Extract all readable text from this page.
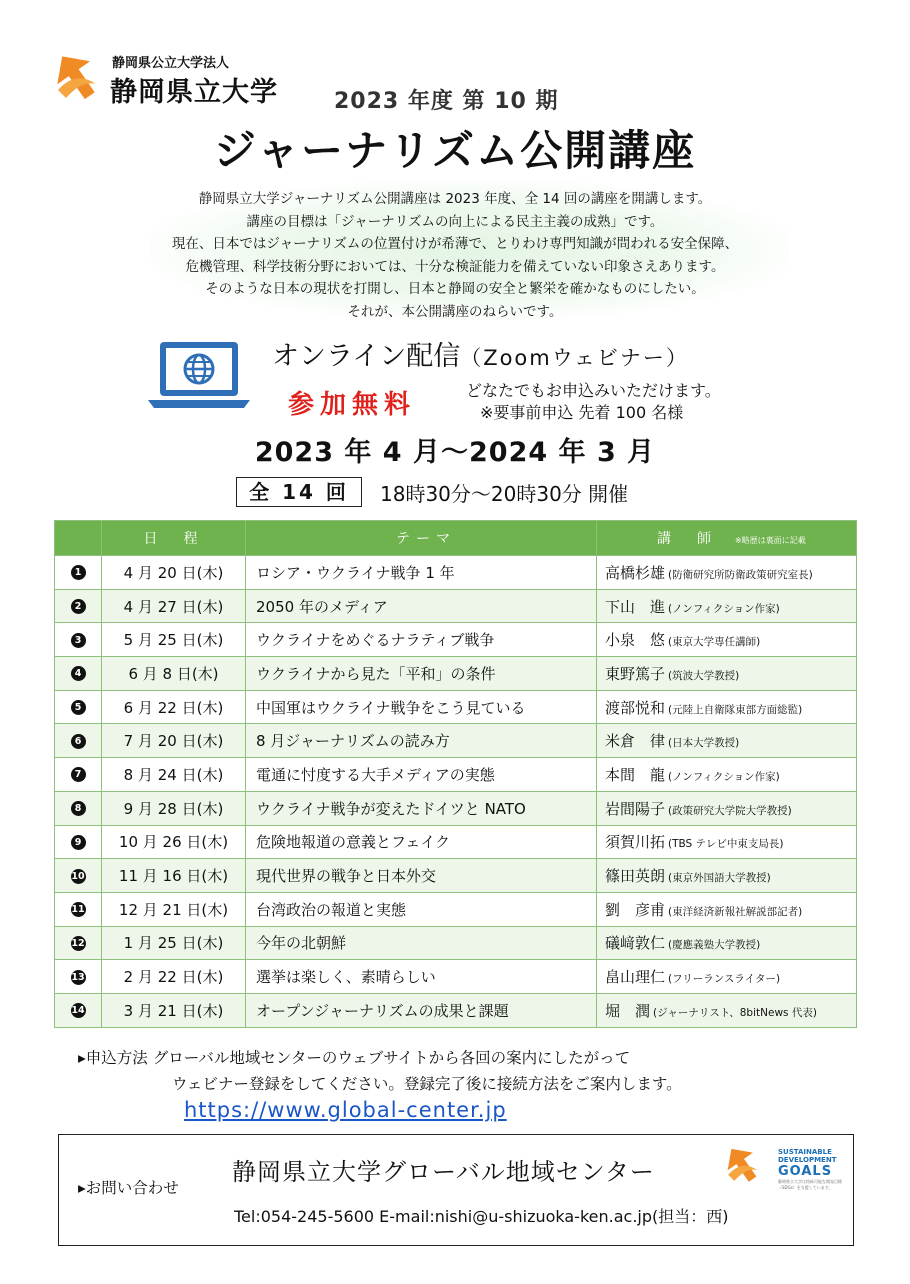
静岡県公立大学法人
静岡県立大学	2023 年度 第 10 期
ジャーナリズム公開講座
静岡県立大学ジャーナリズム公開講座は 2023 年度、全 14 回の講座を開講します。
講座の目標は「ジャーナリズムの向上による民主主義の成熟」です。
現在、日本ではジャーナリズムの位置付けが希薄で、とりわけ専門知識が問われる安全保障、
危機管理、科学技術分野においては、十分な検証能力を備えていない印象さえあります。
そのような日本の現状を打開し、日本と静岡の安全と繁栄を確かなものにしたい。
それが、本公開講座のねらいです。
オンライン配信（Zoomウェビナー）
参加無料	どなたでもお申込みいただけます。
※要事前申込 先着 100 名様
2023 年 4 月〜2024 年 3 月
全 14 回	18時30分〜20時30分 開催
	日　程	テーマ	講　師 ※略歴は裏面に記載
1	4 月 20 日(木)	ロシア・ウクライナ戦争 1 年	高橋杉雄 (防衛研究所防衛政策研究室長)
2	4 月 27 日(木)	2050 年のメディア	下山　進 (ノンフィクション作家)
3	5 月 25 日(木)	ウクライナをめぐるナラティブ戦争	小泉　悠 (東京大学専任講師)
4	6 月 8 日(木)	ウクライナから見た「平和」の条件	東野篤子 (筑波大学教授)
5	6 月 22 日(木)	中国軍はウクライナ戦争をこう見ている	渡部悦和 (元陸上自衛隊東部方面総監)
6	7 月 20 日(木)	8 月ジャーナリズムの読み方	米倉　律 (日本大学教授)
7	8 月 24 日(木)	電通に忖度する大手メディアの実態	本間　龍 (ノンフィクション作家)
8	9 月 28 日(木)	ウクライナ戦争が変えたドイツと NATO	岩間陽子 (政策研究大学院大学教授)
9	10 月 26 日(木)	危険地報道の意義とフェイク	須賀川拓 (TBS テレビ中東支局長)
10	11 月 16 日(木)	現代世界の戦争と日本外交	篠田英朗 (東京外国語大学教授)
11	12 月 21 日(木)	台湾政治の報道と実態	劉　彦甫 (東洋経済新報社解説部記者)
12	1 月 25 日(木)	今年の北朝鮮	礒﨑敦仁 (慶應義塾大学教授)
13	2 月 22 日(木)	選挙は楽しく、素晴らしい	畠山理仁 (フリーランスライター)
14	3 月 21 日(木)	オープンジャーナリズムの成果と課題	堀　潤 (ジャーナリスト、8bitNews 代表)
▸申込方法 グローバル地域センターのウェブサイトから各回の案内にしたがって
ウェビナー登録をしてください。登録完了後に接続方法をご案内します。
https://www.global-center.jp
▸お問い合わせ
静岡県立大学グローバル地域センター
Tel:054-245-5600 E-mail:nishi@u-shizuoka-ken.ac.jp(担当：西)
SUSTAINABLE
DEVELOPMENT
GOALS
静岡県立大学は持続可能な開発目標（SDGs）を支援しています。
